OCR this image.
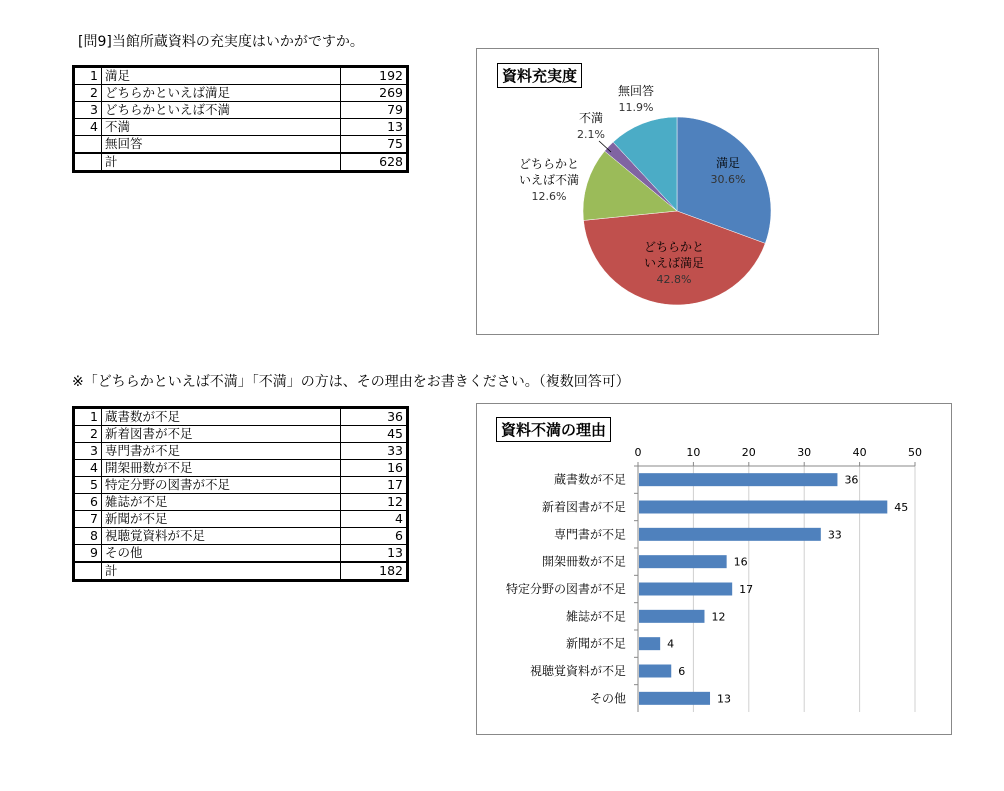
[問9]当館所蔵資料の充実度はいかがですか。
1	満足	192
2	どちらかといえば満足	269
3	どちらかといえば不満	79
4	不満	13
	無回答	75
	計	628
資料充実度
満足
30.6%
どちらかと
いえば満足
42.8%
どちらかと
いえば不満
12.6%
不満
2.1%
無回答
11.9%
※「どちらかといえば不満」「不満」の方は、その理由をお書きください。（複数回答可）
1	蔵書数が不足	36
2	新着図書が不足	45
3	専門書が不足	33
4	開架冊数が不足	16
5	特定分野の図書が不足	17
6	雑誌が不足	12
7	新聞が不足	4
8	視聴覚資料が不足	6
9	その他	13
	計	182
資料不満の理由
0	10	20	30	40	50
蔵書数が不足	36
新着図書が不足	45
専門書が不足	33
開架冊数が不足	16
特定分野の図書が不足	17
雑誌が不足	12
新聞が不足	4
視聴覚資料が不足	6
その他	13
